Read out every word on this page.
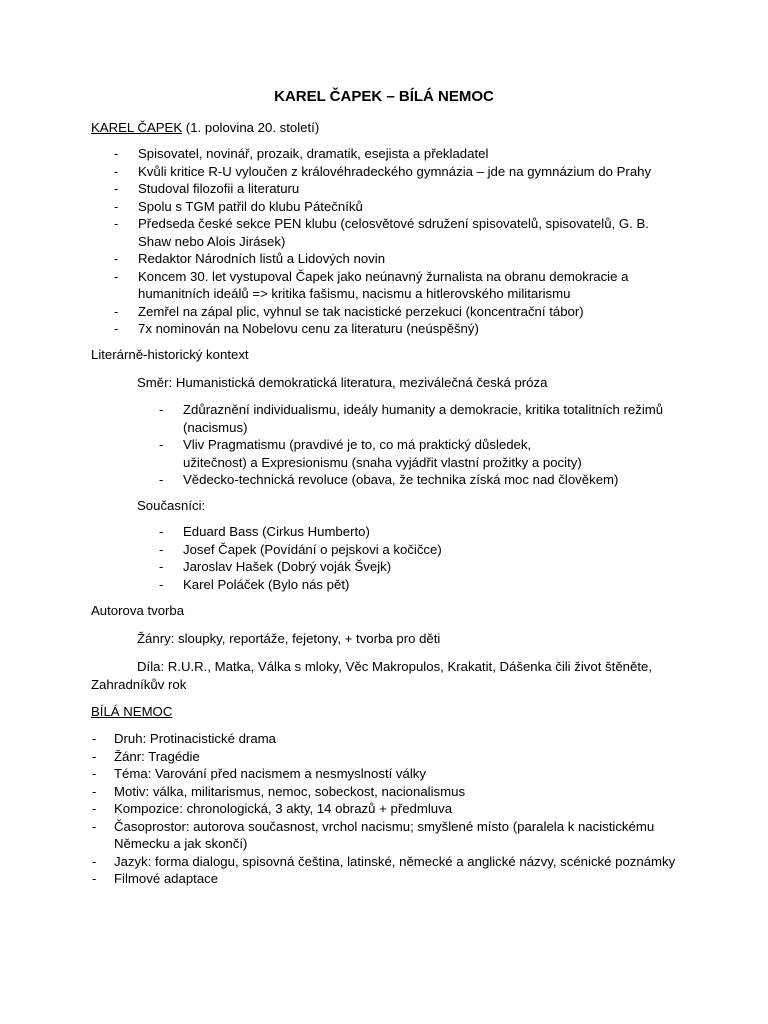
KAREL ČAPEK – BÍLÁ NEMOC

KAREL ČAPEK (1. polovina 20. století)

- Spisovatel, novinář, prozaik, dramatik, esejista a překladatel
- Kvůli kritice R-U vyloučen z královéhradeckého gymnázia – jde na gymnázium do Prahy
- Studoval filozofii a literaturu
- Spolu s TGM patřil do klubu Pátečníků
- Předseda české sekce PEN klubu (celosvětové sdružení spisovatelů, spisovatelů, G. B. Shaw nebo Alois Jirásek)
- Redaktor Národních listů a Lidových novin
- Koncem 30. let vystupoval Čapek jako neúnavný žurnalista na obranu demokracie a humanitních ideálů => kritika fašismu, nacismu a hitlerovského militarismu
- Zemřel na zápal plic, vyhnul se tak nacistické perzekuci (koncentrační tábor)
- 7x nominován na Nobelovu cenu za literaturu (neúspěšný)
Literárně-historický kontext
Směr: Humanistická demokratická literatura, meziválečná česká próza
- Zdůraznění individualismu, ideály humanity a demokracie, kritika totalitních režimů (nacismus)
- Vliv Pragmatismu (pravdivé je to, co má praktický důsledek, užitečnost) a Expresionismu (snaha vyjádřit vlastní prožitky a pocity)
- Vědecko-technická revoluce (obava, že technika získá moc nad člověkem)
Současníci:
- Eduard Bass (Cirkus Humberto)
- Josef Čapek (Povídání o pejskovi a kočičce)
- Jaroslav Hašek (Dobrý voják Švejk)
- Karel Poláček (Bylo nás pět)
Autorova tvorba
Žánry: sloupky, reportáže, fejetony, + tvorba pro děti

Díla: R.U.R., Matka, Válka s mloky, Věc Makropulos, Krakatit, Dášenka čili život štěněte,

Zahradníkův rok

BÍLÁ NEMOC
- Druh: Protinacistické drama
- Žánr: Tragédie
- Téma: Varování před nacismem a nesmyslností války
- Motiv: válka, militarismus, nemoc, sobeckost, nacionalismus
- Kompozice: chronologická, 3 akty, 14 obrazů + předmluva
- Časoprostor: autorova současnost, vrchol nacismu; smyšlené místo (paralela k nacistickému Německu a jak skončí)
- Jazyk: forma dialogu, spisovná čeština, latinské, německé a anglické názvy, scénické poznámky
- Filmové adaptace
